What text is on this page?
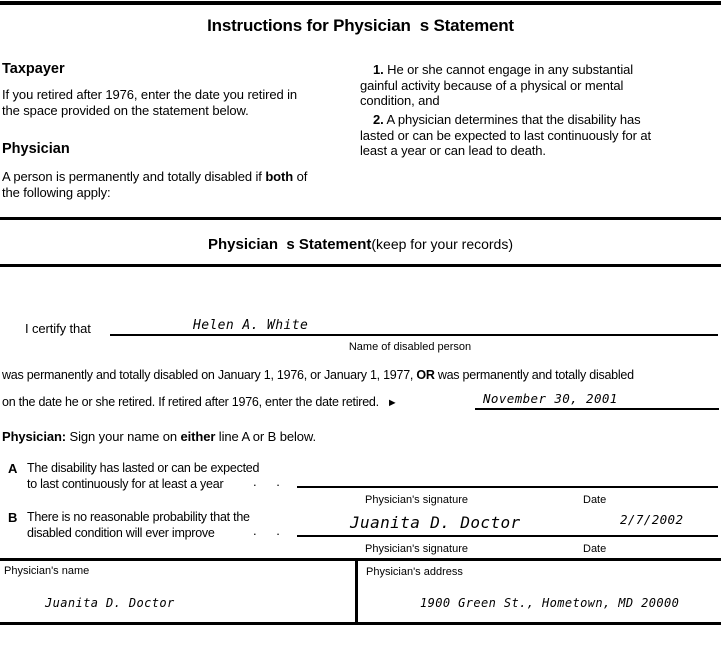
Instructions for Physician  s Statement
Taxpayer
If you retired after 1976, enter the date you retired in
the space provided on the statement below.
Physician
A person is permanently and totally disabled if both of
the following apply:
1. He or she cannot engage in any substantial
gainful activity because of a physical or mental
condition, and
2. A physician determines that the disability has
lasted or can be expected to last continuously for at
least a year or can lead to death.
Physician  s Statement(keep for your records)
I certify that	Helen A. White
Name of disabled person
was permanently and totally disabled on January 1, 1976, or January 1, 1977, OR was permanently and totally disabled
on the date he or she retired. If retired after 1976, enter the date retired. ►	November 30, 2001
Physician: Sign your name on either line A or B below.
A The disability has lasted or can be expected
to last continuously for at least a year	. .
Physician's signature	Date
B There is no reasonable probability that the
disabled condition will ever improve	. .	Juanita D. Doctor	2/7/2002
Physician's signature	Date
Physician's name
Juanita D. Doctor
Physician's address
1900 Green St., Hometown, MD 20000
